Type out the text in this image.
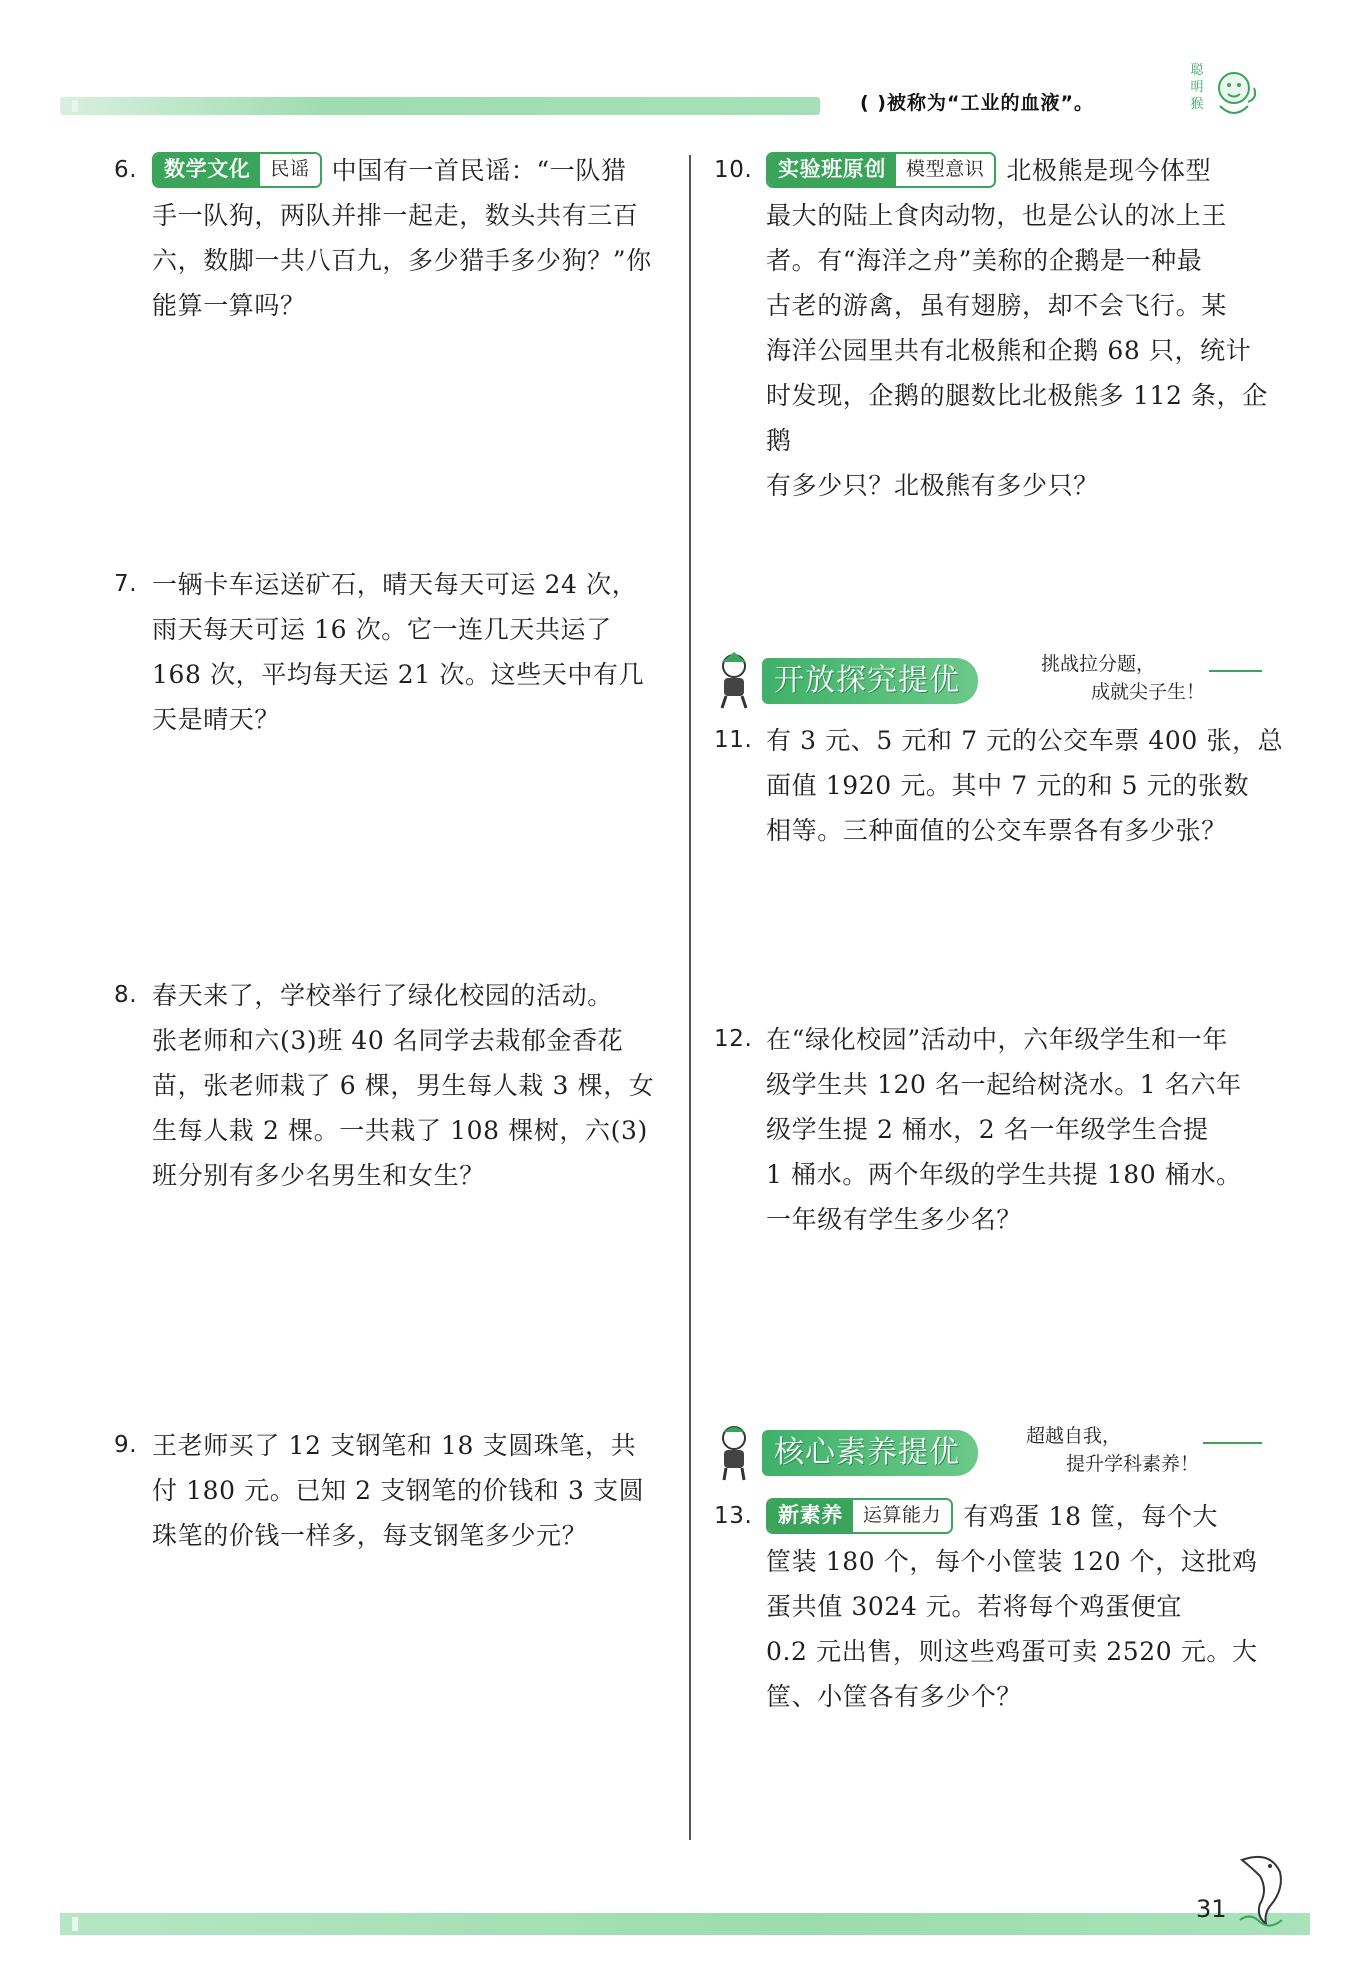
( )被称为“工业的血液”。
聪
明
猴
6.	数学文化 民谣 中国有一首民谣：“一队猎
手一队狗，两队并排一起走，数头共有三百
六，数脚一共八百九，多少猎手多少狗？”你
能算一算吗？
7. 一辆卡车运送矿石，晴天每天可运 24 次，
雨天每天可运 16 次。它一连几天共运了
168 次，平均每天运 21 次。这些天中有几
天是晴天？
8. 春天来了，学校举行了绿化校园的活动。
张老师和六(3)班 40 名同学去栽郁金香花
苗，张老师栽了 6 棵，男生每人栽 3 棵，女
生每人栽 2 棵。一共栽了 108 棵树，六(3)
班分别有多少名男生和女生？
9. 王老师买了 12 支钢笔和 18 支圆珠笔，共
付 180 元。已知 2 支钢笔的价钱和 3 支圆
珠笔的价钱一样多，每支钢笔多少元？
10.	实验班原创 模型意识 北极熊是现今体型
最大的陆上食肉动物，也是公认的冰上王
者。有“海洋之舟”美称的企鹅是一种最
古老的游禽，虽有翅膀，却不会飞行。某
海洋公园里共有北极熊和企鹅 68 只，统计
时发现，企鹅的腿数比北极熊多 112 条，企鹅
有多少只？北极熊有多少只？
开放探究提优	挑战拉分题，
成就尖子生！
11. 有 3 元、5 元和 7 元的公交车票 400 张，总
面值 1920 元。其中 7 元的和 5 元的张数
相等。三种面值的公交车票各有多少张？
12. 在“绿化校园”活动中，六年级学生和一年
级学生共 120 名一起给树浇水。1 名六年
级学生提 2 桶水，2 名一年级学生合提
1 桶水。两个年级的学生共提 180 桶水。
一年级有学生多少名？
核心素养提优	超越自我，
提升学科素养！
13.	新素养 运算能力 有鸡蛋 18 筐，每个大
筐装 180 个，每个小筐装 120 个，这批鸡
蛋共值 3024 元。若将每个鸡蛋便宜
0.2 元出售，则这些鸡蛋可卖 2520 元。大
筐、小筐各有多少个？
31
